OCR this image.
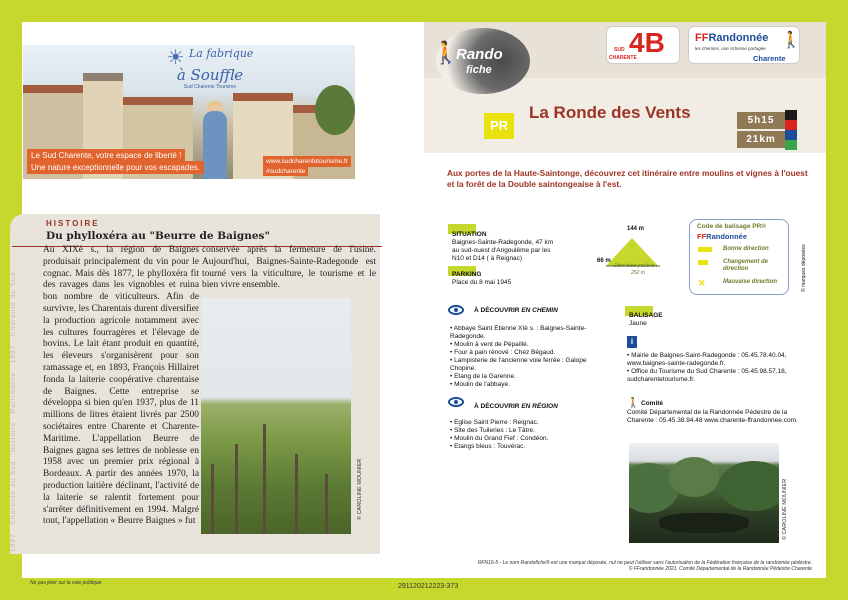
☀ La fabrique
à Souffle
Sud Charente Tourisme
Le Sud Charente, votre espace de liberté !
Une nature exceptionnelle pour vos escapades.
www.sudcharentetourisme.fr
#sudcharente
1997 · Charente du Sud · Histoire · Patrimoine · 1997 · Charente du Sud
HISTOIRE
Du phylloxéra au "Beurre de Baignes"
Au XIXè s., la région de Baignes produisait principalement du vin pour le cognac. Mais dès 1877, le phylloxéra fit des ravages dans les vignobles et ruina bon nombre de viticulteurs. Afin de survivre, les Charentais durent diversifier la production agricole notamment avec les cultures fourragères et l'élevage de bovins. Le lait étant produit en quantité, les éleveurs s'organisèrent pour son ramassage et, en 1893, François Hillairet fonda la laiterie coopérative charentaise de Baignes. Cette entreprise se développa si bien qu'en 1937, plus de 11 millions de litres étaient livrés par 2500 sociétaires entre Charente et Charente-Maritime. L'appellation Beurre de Baignes gagna ses lettres de noblesse en 1958 avec un premier prix régional à Bordeaux. A partir des années 1970, la production laitière déclinant, l'activité de la laiterie se ralentit fortement pour s'arrêter définitivement en 1994. Malgré tout, l'appellation « Beurre Baignes » fut
conservée après la fermeture de l'usine. Aujourd'hui, Baignes-Sainte-Radegonde est tourné vers la viticulture, le tourisme et le bien vivre ensemble.
© CAROLINE MOUNIER
Ne pas jeter sur la voie publique	291120212223-373
🚶
Rando
fiche
4B
SUD
CHARENTE
FFRandonnée
les chemins, une richesse partagée
Charente
🚶
PR
La Ronde des Vents	5h15
21km
Aux portes de la Haute-Saintonge, découvrez cet itinéraire entre moulins et vignes à l'ouest et la forêt de la Double saintongeaise à l'est.
SITUATION
Baignes-Sainte-Radegonde, 47 km au sud-ouest d'Angoulême par les N10 et D14 ( à Reignac)
PARKING
Place du 8 mai 1945
144 m
66 m
Dénivelée positive :
252 m
Code de balisage PR®
FFRandonnée
Bonne direction
Changement de direction
✕	Mauvaise direction	© marques déposées
À DÉCOUVRIR EN CHEMIN
• Abbaye Saint Etienne XIè s. : Baignes-Sainte-Radegonde.
• Moulin à vent de Pépaillé.
• Four à pain rénové : Chez Bégaud.
• Lampisterie de l'ancienne voie ferrée : Galope Chopine.
• Etang de la Garenne.
• Moulin de l'abbaye.
À DÉCOUVRIR EN RÉGION
• Eglise Saint Pierre : Reignac.
• Site des Tuileries : Le Tâtre.
• Moulin du Grand Fief : Condéon.
• Etangs bleus : Touvérac.
BALISAGE
Jaune
i
• Mairie de Baignes-Saint-Radegonde : 05.45.78.40.04, www.baignes-sainte-radegonde.fr.
• Office du Tourisme du Sud Charente : 05.45.98.57.18, sudcharentetourisme.fr.
🚶 Comité
Comité Départemental de la Randonnée Pédestre de la Charente : 05.45.38.94.48 www.charente-ffrandonnee.com.
© CAROLINE MOUNIER
RFN16-5 - Le nom Randofiche® est une marque déposée, nul ne peut l'utiliser sans l'autorisation de la Fédération française de la randonnée pédestre.
© FFrandonnée 2021. Comité Départemental de la Randonnée Pédestre Charente
